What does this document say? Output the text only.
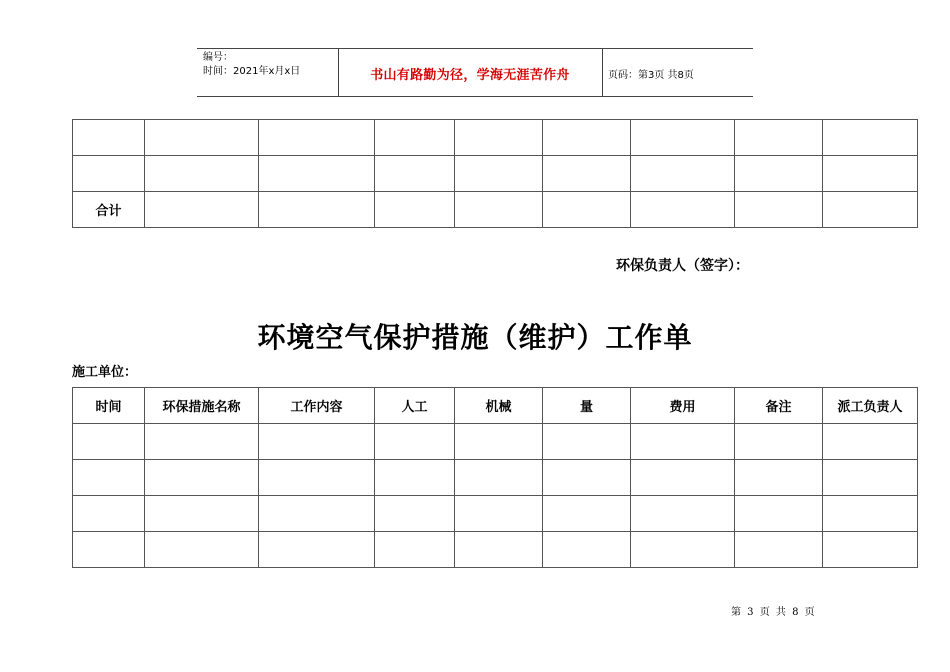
编号：
时间：2021年x月x日	书山有路勤为径，学海无涯苦作舟	页码：第3页 共8页

合计								
环保负责人（签字）：
环境空气保护措施（维护）工作单
施工单位：
时间	环保措施名称	工作内容	人工	机械	量	费用	备注	派工负责人

第 3 页 共 8 页
